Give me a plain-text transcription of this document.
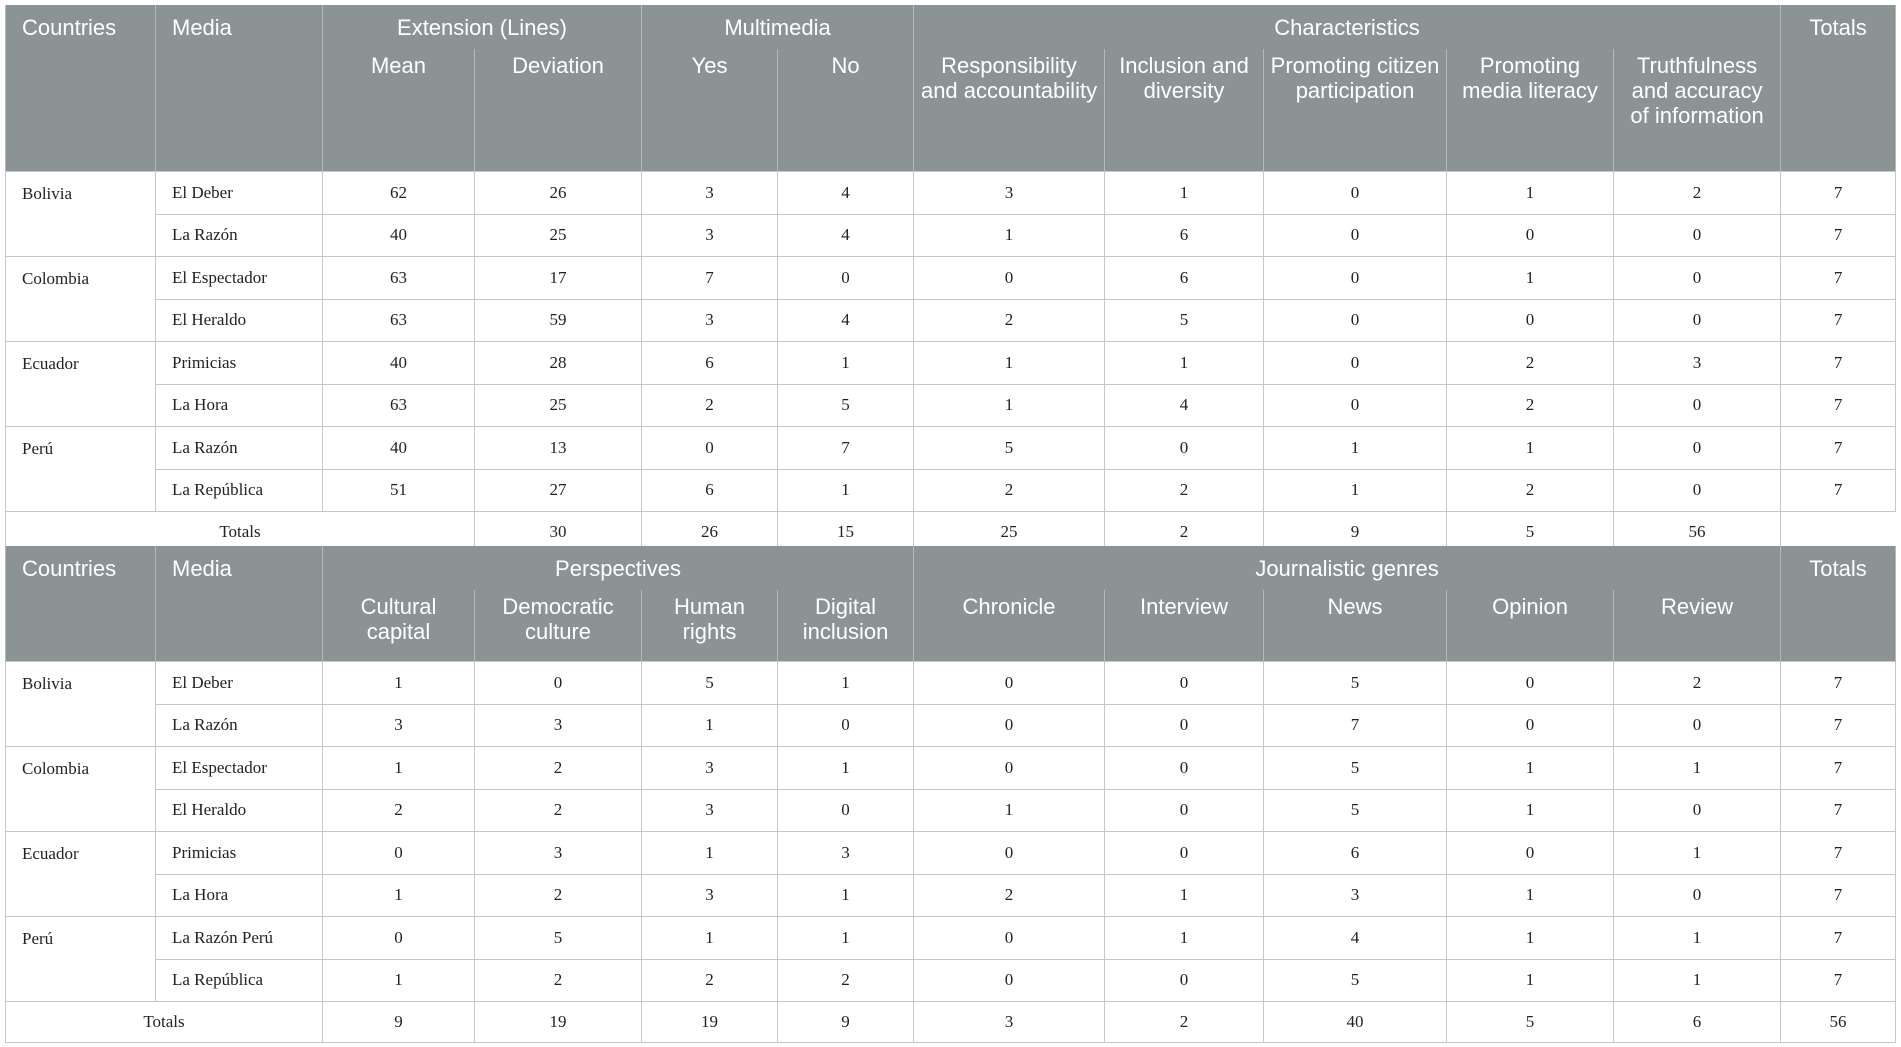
Countries	Media	Extension (Lines)		Multimedia		Characteristics					Totals
		Mean	Deviation	Yes	No	Responsibility and accountability	Inclusion and diversity	Promoting citizen participation	Promoting media literacy	Truthfulness and accuracy of information	
Bolivia	El Deber	62	26	3	4	3	1	0	1	2	7
	La Razón	40	25	3	4	1	6	0	0	0	7
Colombia	El Espectador	63	17	7	0	0	6	0	1	0	7
	El Heraldo	63	59	3	4	2	5	0	0	0	7
Ecuador	Primicias	40	28	6	1	1	1	0	2	3	7
	La Hora	63	25	2	5	1	4	0	2	0	7
Perú	La Razón	40	13	0	7	5	0	1	1	0	7
	La República	51	27	6	1	2	2	1	2	0	7
Totals			30	26	15	25	2	9	5	56	
Countries	Media	Perspectives				Journalistic genres					Totals
		Cultural capital	Democratic culture	Human rights	Digital inclusion	Chronicle	Interview	News	Opinion	Review	
Bolivia	El Deber	1	0	5	1	0	0	5	0	2	7
	La Razón	3	3	1	0	0	0	7	0	0	7
Colombia	El Espectador	1	2	3	1	0	0	5	1	1	7
	El Heraldo	2	2	3	0	1	0	5	1	0	7
Ecuador	Primicias	0	3	1	3	0	0	6	0	1	7
	La Hora	1	2	3	1	2	1	3	1	0	7
Perú	La Razón Perú	0	5	1	1	0	1	4	1	1	7
	La República	1	2	2	2	0	0	5	1	1	7
Totals		9	19	19	9	3	2	40	5	6	56
